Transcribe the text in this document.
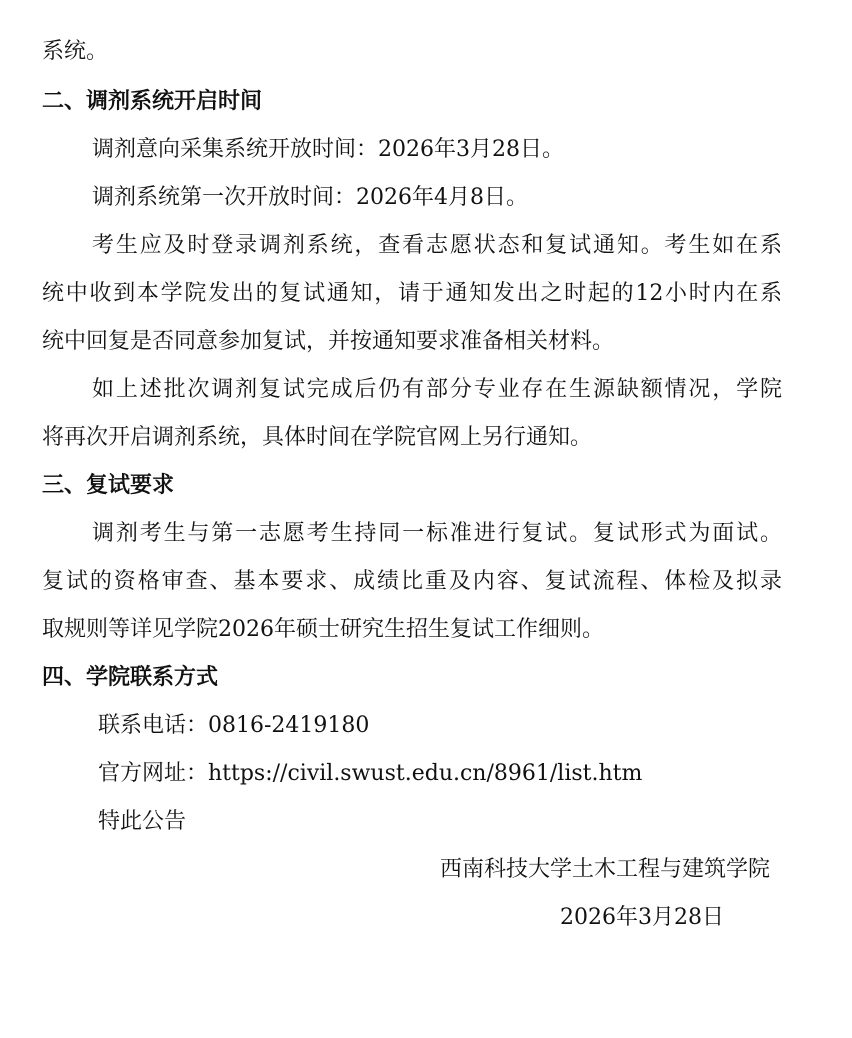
系统。
二、调剂系统开启时间
调剂意向采集系统开放时间：2026年3月28日。
调剂系统第一次开放时间：2026年4月8日。
考生应及时登录调剂系统，查看志愿状态和复试通知。考生如在系
统中收到本学院发出的复试通知，请于通知发出之时起的12小时内在系
统中回复是否同意参加复试，并按通知要求准备相关材料。
如上述批次调剂复试完成后仍有部分专业存在生源缺额情况，学院
将再次开启调剂系统，具体时间在学院官网上另行通知。
三、复试要求
调剂考生与第一志愿考生持同一标准进行复试。复试形式为面试。
复试的资格审查、基本要求、成绩比重及内容、复试流程、体检及拟录
取规则等详见学院2026年硕士研究生招生复试工作细则。
四、学院联系方式
联系电话：0816-2419180
官方网址：https://civil.swust.edu.cn/8961/list.htm
特此公告
西南科技大学土木工程与建筑学院
2026年3月28日
